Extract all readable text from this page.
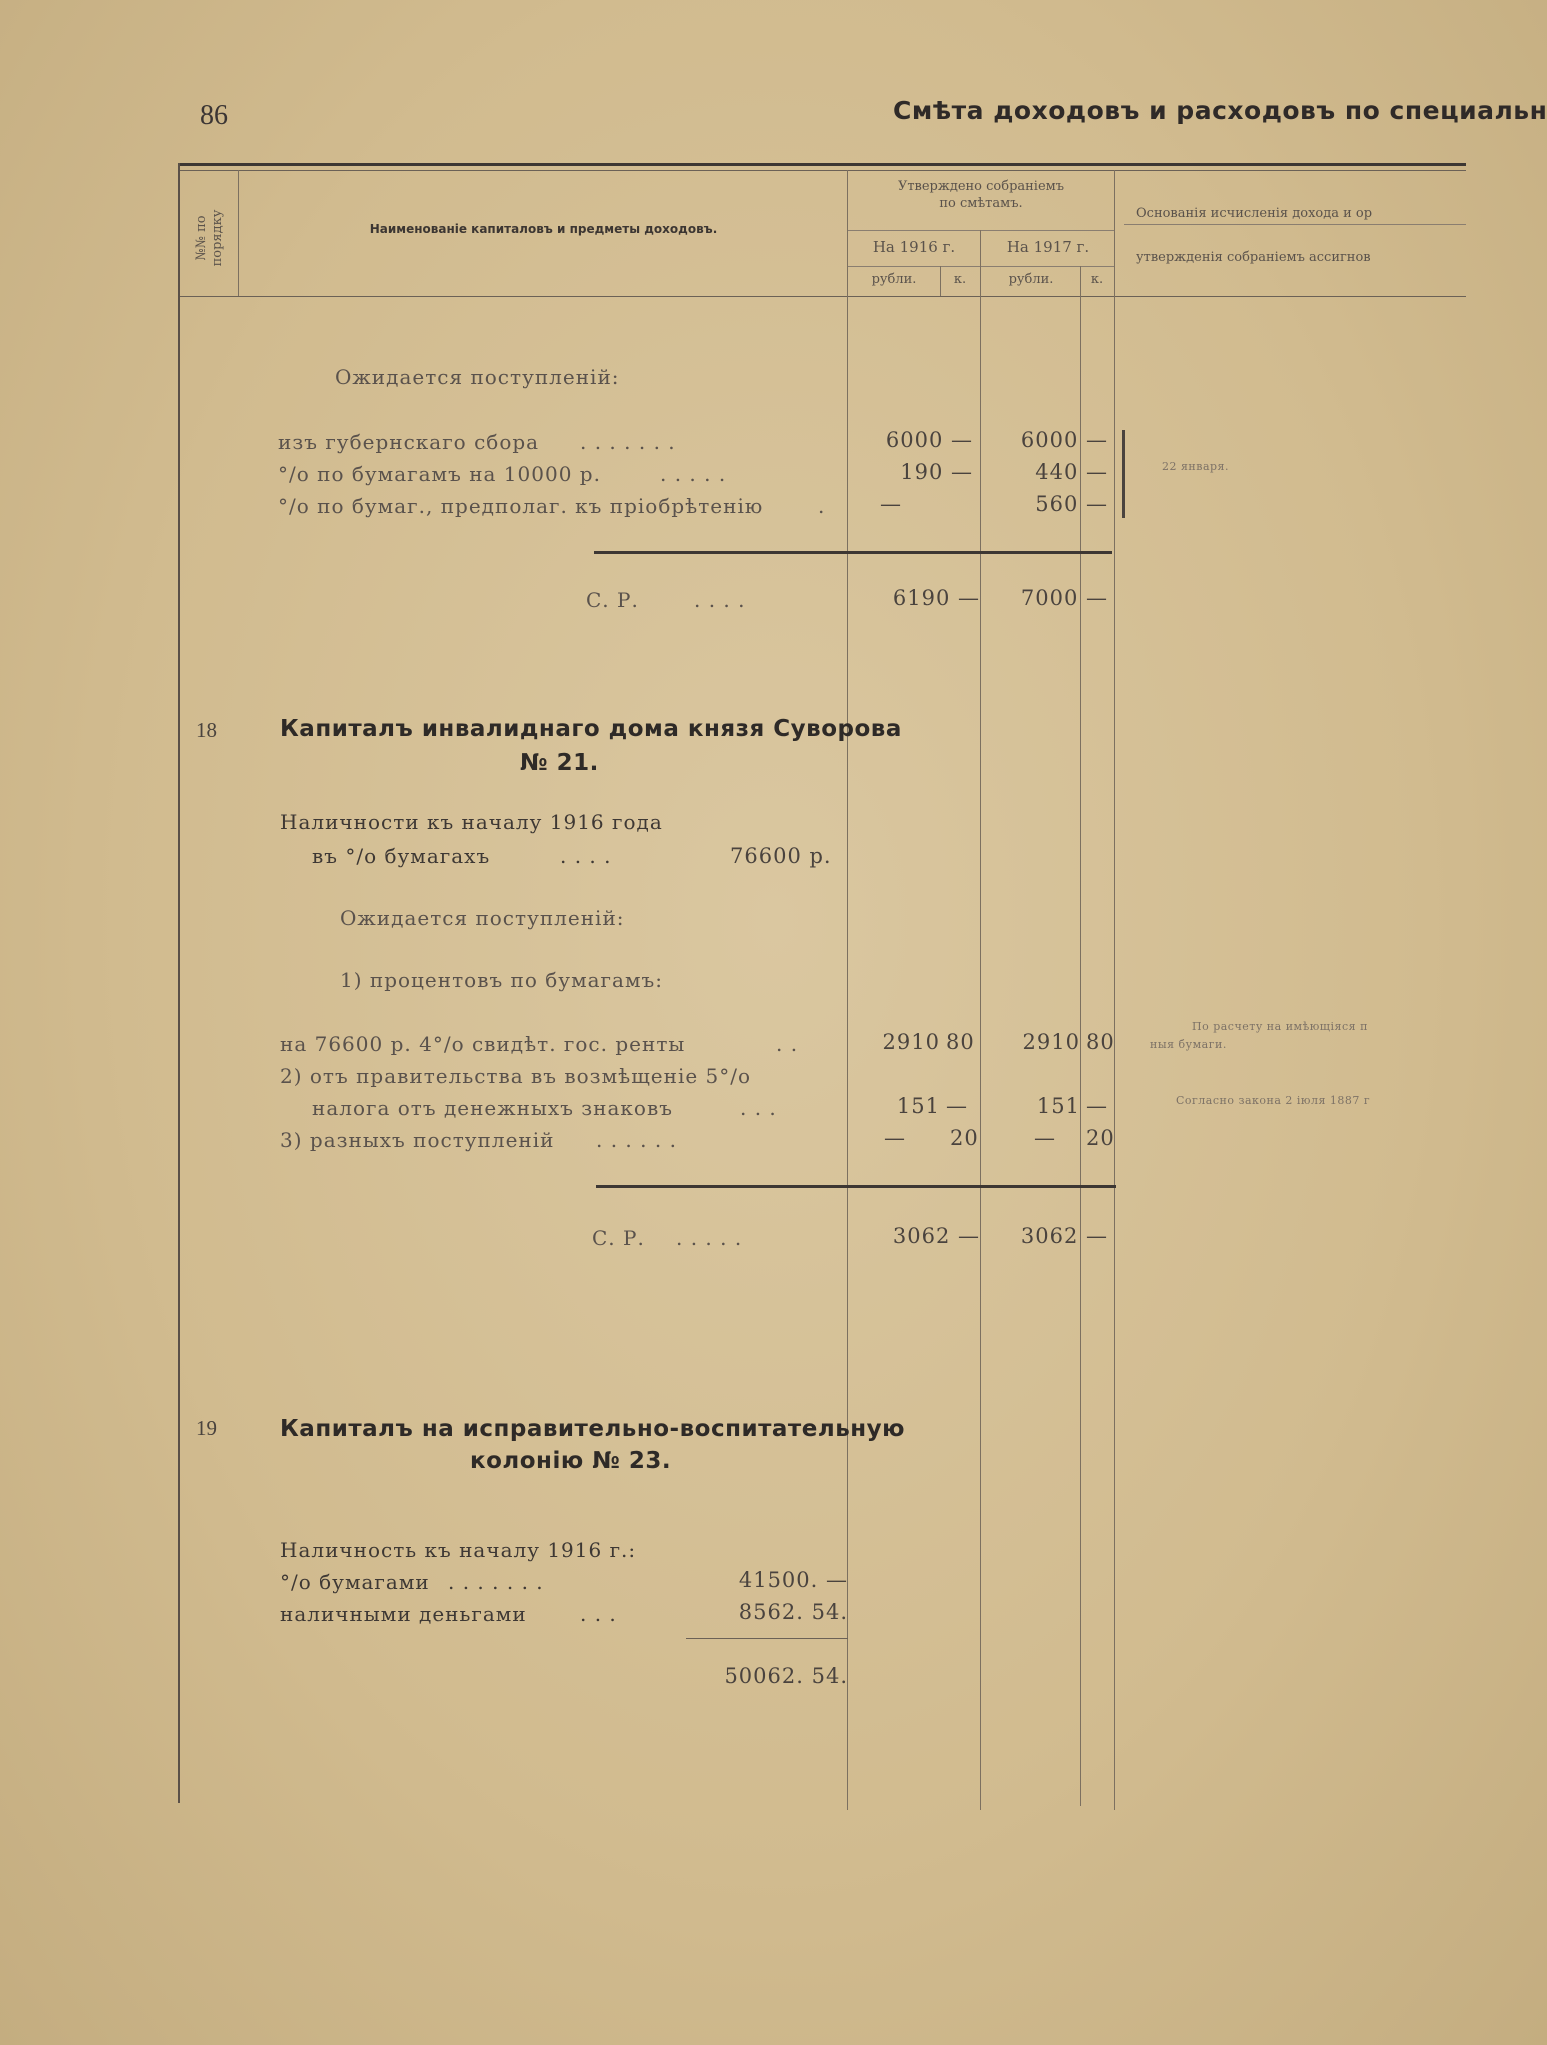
86	Смѣта доходовъ и расходовъ по специальн
№№ по порядку	Наименованіе капиталовъ и предметы доходовъ.
Утверждено собраніемъ
по смѣтамъ.
На 1916 г.	На 1917 г.
рубли.	к.	рубли.	к.
Основанія исчисленія дохода и ор
утвержденія собраніемъ ассигнов
Ожидается поступленій:
изъ губернскаго сбора . . . . . . .	6000 —	6000 —
°/о по бумагамъ на 10000 р.	. . . . .	190 —	440 —
°/о по бумаг., предполаг. къ пріобрѣтенію	.	—	560 —
22 января.
С. Р.	. . . .	6190 —	7000 —
18	Капиталъ инвалиднаго дома князя Суворова
№ 21.
Наличности къ началу 1916 года
въ °/о бумагахъ	. . . .	76600 р.
Ожидается поступленій:
1) процентовъ по бумагамъ:
на 76600 р. 4°/о свидѣт. гос. ренты	. .	2910 80	2910 80
2) отъ правительства въ возмѣщеніе 5°/о
налога отъ денежныхъ знаковъ	. . .	151 —	151 —
3) разныхъ поступленій . . . . . .	— 20	— 20
По расчету на имѣющіяся п
ныя бумаги.
Согласно закона 2 іюля 1887 г
С. Р. . . . . .	3062 —	3062 —
19	Капиталъ на исправительно-воспитательную
колонію № 23.
Наличность къ началу 1916 г.:
°/о бумагами . . . . . . .	41500. —
наличными деньгами	. . .	8562. 54.
50062. 54.
